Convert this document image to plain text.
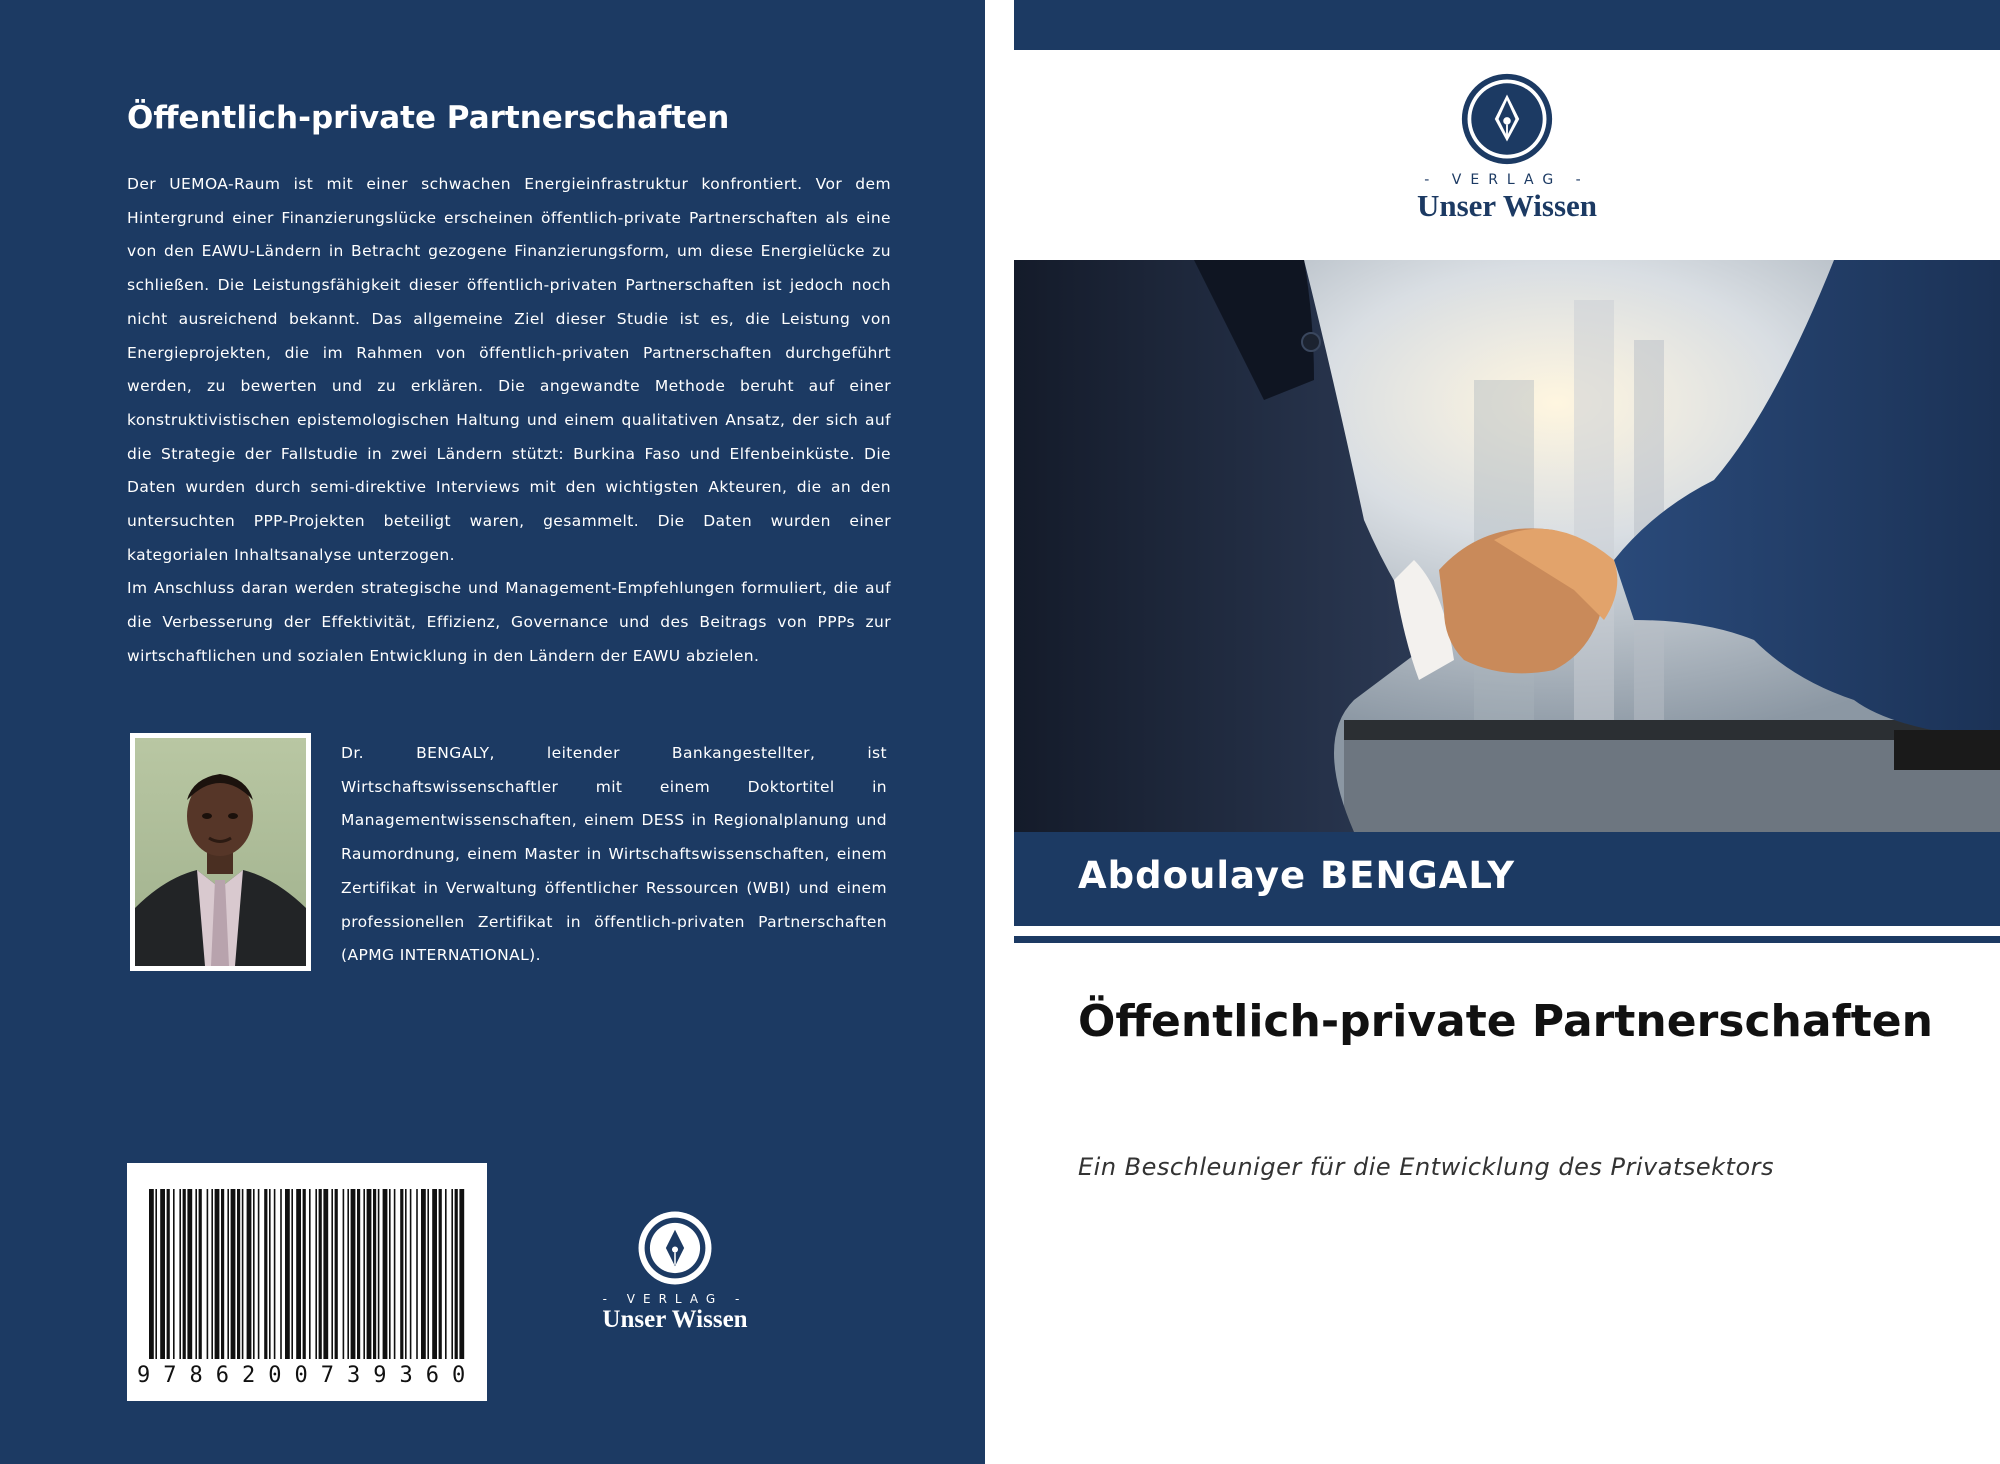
Öffentlich-private Partnerschaften

Der UEMOA-Raum ist mit einer schwachen Energieinfrastruktur konfrontiert. Vor dem Hintergrund einer Finanzierungslücke erscheinen öffentlich-private Partnerschaften als eine von den EAWU-Ländern in Betracht gezogene Finanzierungsform, um diese Energielücke zu schließen. Die Leistungsfähigkeit dieser öffentlich-privaten Partnerschaften ist jedoch noch nicht ausreichend bekannt. Das allgemeine Ziel dieser Studie ist es, die Leistung von Energieprojekten, die im Rahmen von öffentlich-privaten Partnerschaften durchgeführt werden, zu bewerten und zu erklären. Die angewandte Methode beruht auf einer konstruktivistischen epistemologischen Haltung und einem qualitativen Ansatz, der sich auf die Strategie der Fallstudie in zwei Ländern stützt: Burkina Faso und Elfenbeinküste. Die Daten wurden durch semi-direktive Interviews mit den wichtigsten Akteuren, die an den untersuchten PPP-Projekten beteiligt waren, gesammelt. Die Daten wurden einer kategorialen Inhaltsanalyse unterzogen.

Im Anschluss daran werden strategische und Management-Empfehlungen formuliert, die auf die Verbesserung der Effektivität, Effizienz, Governance und des Beitrags von PPPs zur wirtschaftlichen und sozialen Entwicklung in den Ländern der EAWU abzielen.

Dr. BENGALY, leitender Bankangestellter, ist Wirtschaftswissenschaftler mit einem Doktortitel in Managementwissenschaften, einem DESS in Regionalplanung und Raumordnung, einem Master in Wirtschaftswissenschaften, einem Zertifikat in Verwaltung öffentlicher Ressourcen (WBI) und einem professionellen Zertifikat in öffentlich-privaten Partnerschaften (APMG INTERNATIONAL).
9786200739360
- VERLAG -
Unser Wissen
- VERLAG -
Unser Wissen
Abdoulaye BENGALY
Öffentlich-private Partnerschaften
Ein Beschleuniger für die Entwicklung des Privatsektors
